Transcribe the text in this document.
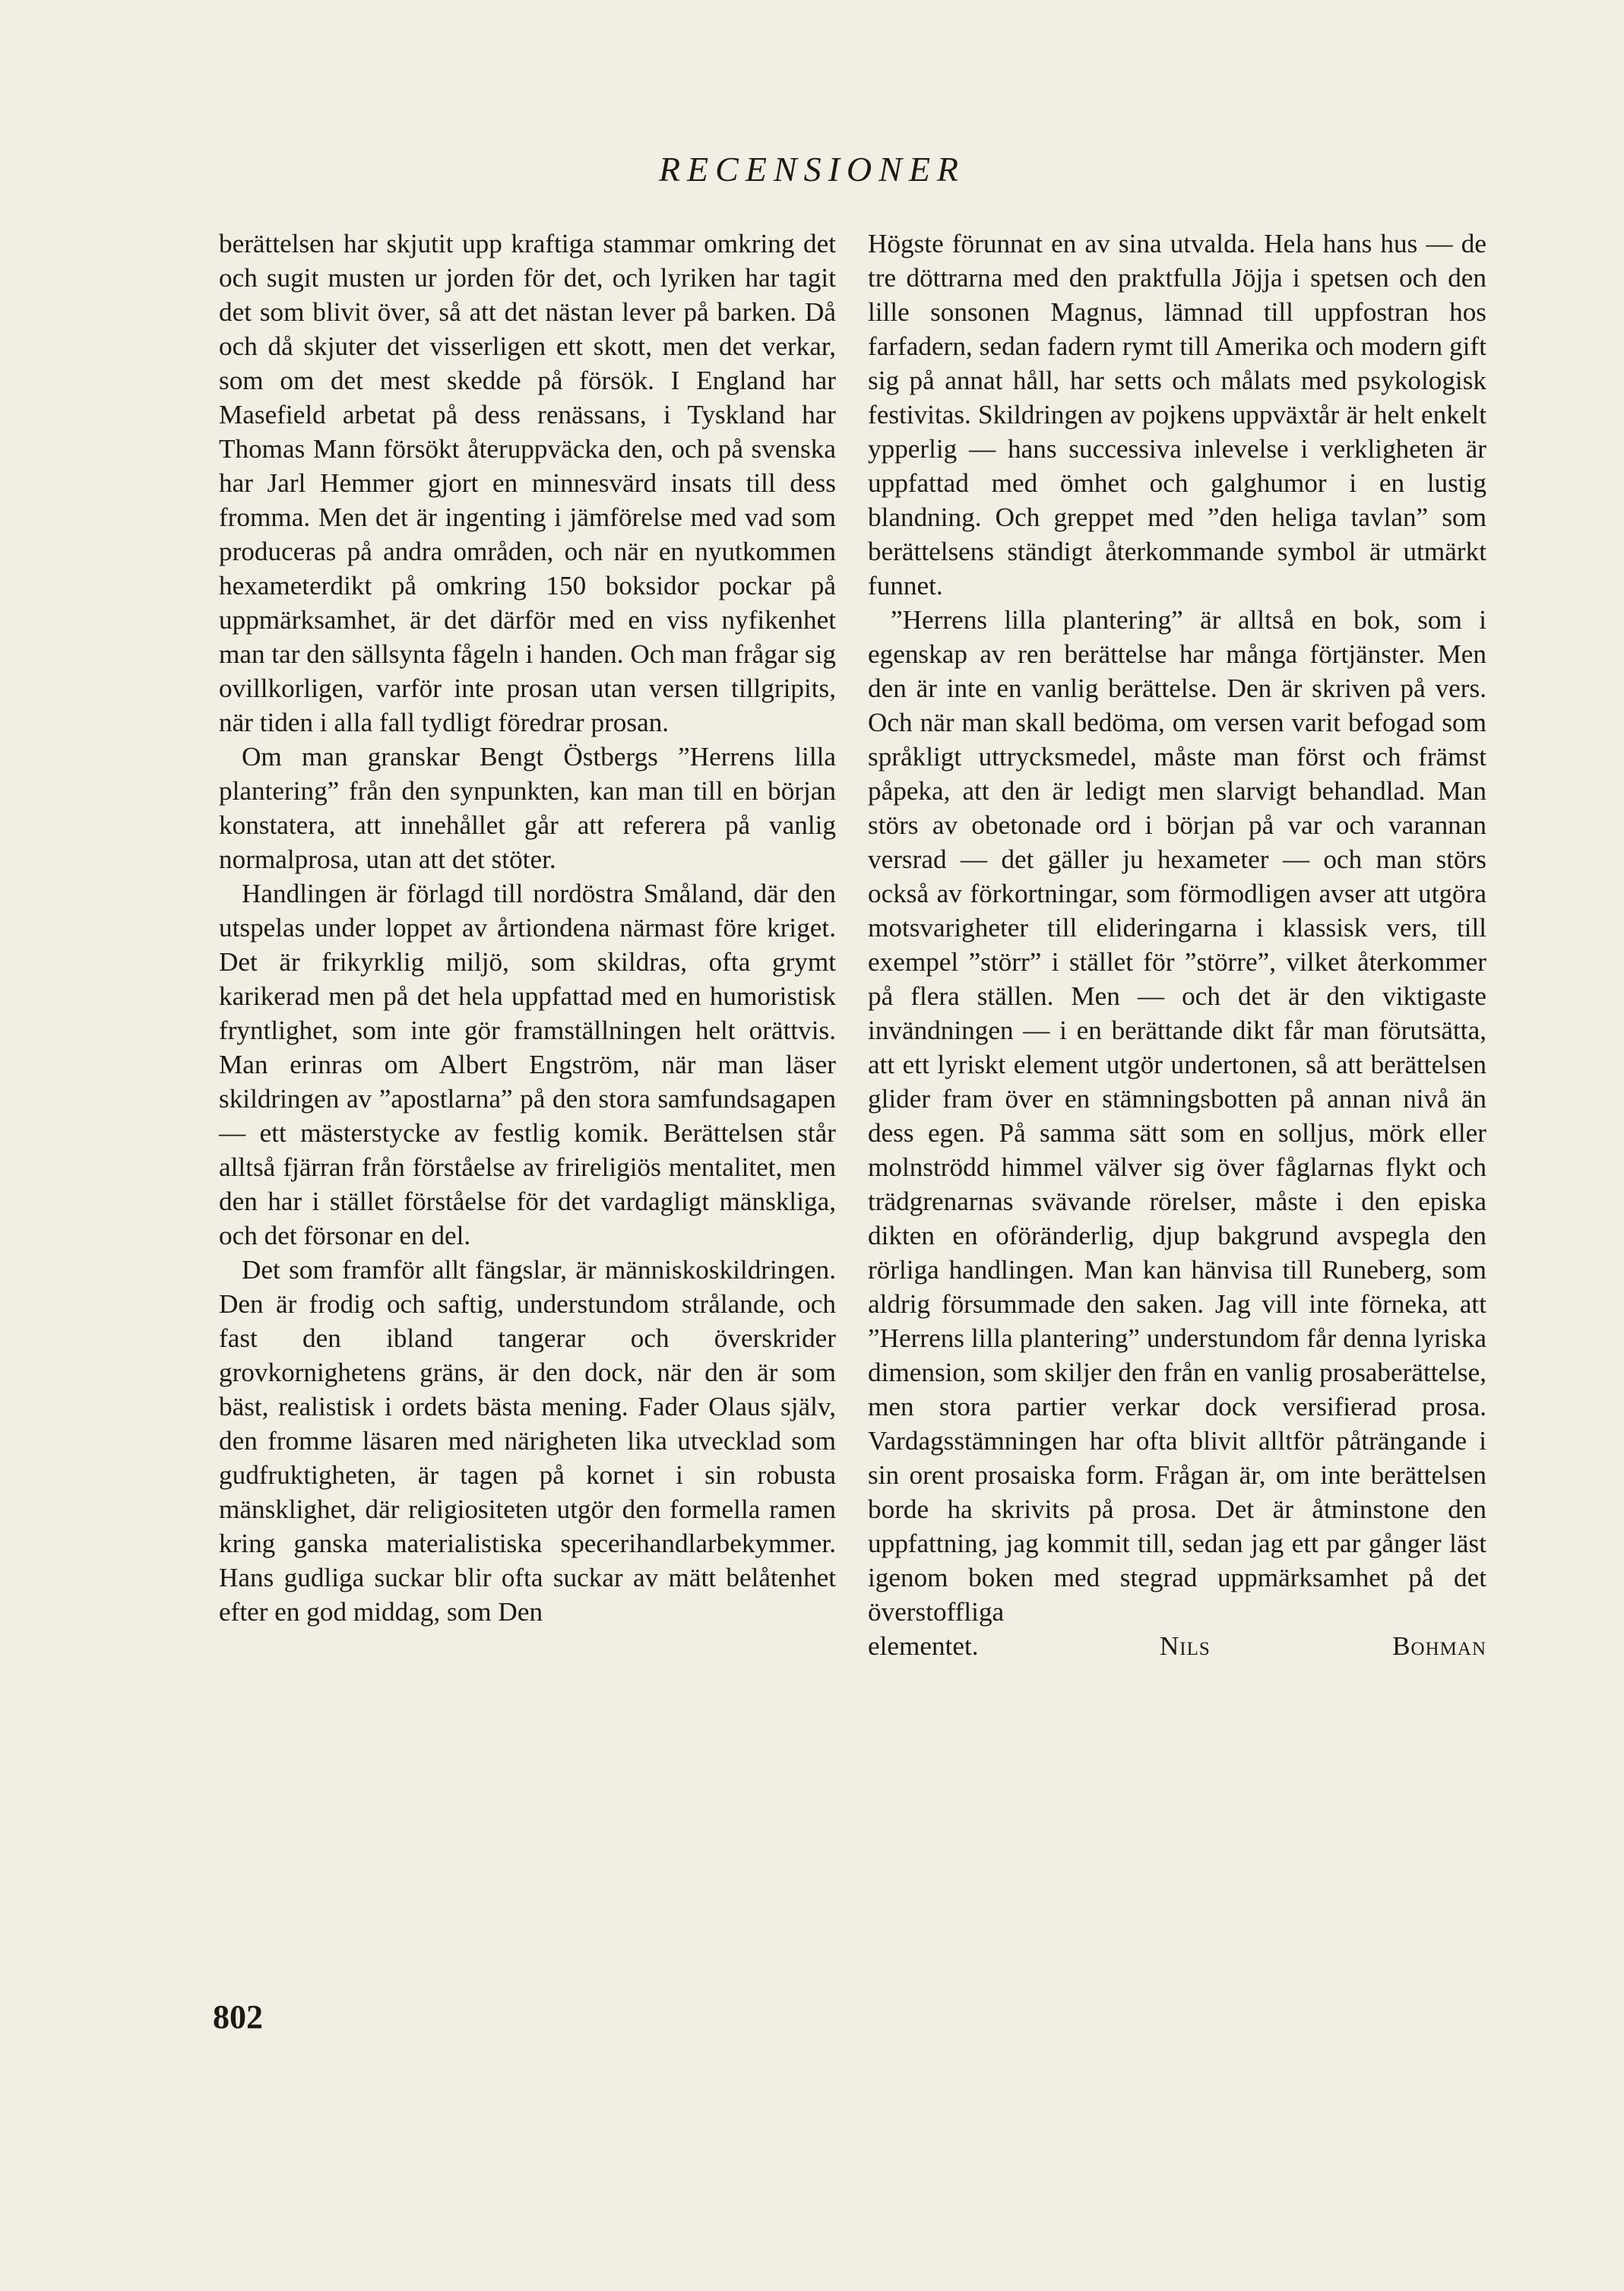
RECENSIONER

berättelsen har skjutit upp kraftiga stammar omkring det och sugit musten ur jorden för det, och lyriken har tagit det som blivit över, så att det nästan lever på barken. Då och då skjuter det visserligen ett skott, men det verkar, som om det mest skedde på försök. I England har Masefield arbetat på dess renässans, i Tyskland har Thomas Mann försökt återuppväcka den, och på svenska har Jarl Hemmer gjort en minnesvärd insats till dess fromma. Men det är ingenting i jämförelse med vad som produceras på andra områden, och när en nyutkommen hexameterdikt på omkring 150 boksidor pockar på uppmärksamhet, är det därför med en viss nyfikenhet man tar den sällsynta fågeln i handen. Och man frågar sig ovillkorligen, varför inte prosan utan versen tillgripits, när tiden i alla fall tydligt föredrar prosan.

Om man granskar Bengt Östbergs ”Herrens lilla plantering” från den synpunkten, kan man till en början konstatera, att innehållet går att referera på vanlig normalprosa, utan att det stöter.

Handlingen är förlagd till nordöstra Småland, där den utspelas under loppet av årtiondena närmast före kriget. Det är frikyrklig miljö, som skildras, ofta grymt karikerad men på det hela uppfattad med en humoristisk fryntlighet, som inte gör framställningen helt orättvis. Man erinras om Albert Engström, när man läser skildringen av ”apostlarna” på den stora samfundsagapen — ett mästerstycke av festlig komik. Berättelsen står alltså fjärran från förståelse av frireligiös mentalitet, men den har i stället förståelse för det vardagligt mänskliga, och det försonar en del.

Det som framför allt fängslar, är människoskildringen. Den är frodig och saftig, understundom strålande, och fast den ibland tangerar och överskrider grovkornighetens gräns, är den dock, när den är som bäst, realistisk i ordets bästa mening. Fader Olaus själv, den fromme läsaren med närigheten lika utvecklad som gudfruktigheten, är tagen på kornet i sin robusta mänsklighet, där religiositeten utgör den formella ramen kring ganska materialistiska specerihandlarbekymmer. Hans gudliga suckar blir ofta suckar av mätt belåtenhet efter en god middag, som Den

Högste förunnat en av sina utvalda. Hela hans hus — de tre döttrarna med den praktfulla Jöjja i spetsen och den lille sonsonen Magnus, lämnad till uppfostran hos farfadern, sedan fadern rymt till Amerika och modern gift sig på annat håll, har setts och målats med psykologisk festivitas. Skildringen av pojkens uppväxtår är helt enkelt ypperlig — hans successiva inlevelse i verkligheten är uppfattad med ömhet och galghumor i en lustig blandning. Och greppet med ”den heliga tavlan” som berättelsens ständigt återkommande symbol är utmärkt funnet.

”Herrens lilla plantering” är alltså en bok, som i egenskap av ren berättelse har många förtjänster. Men den är inte en vanlig berättelse. Den är skriven på vers. Och när man skall bedöma, om versen varit befogad som språkligt uttrycksmedel, måste man först och främst påpeka, att den är ledigt men slarvigt behandlad. Man störs av obetonade ord i början på var och varannan versrad — det gäller ju hexameter — och man störs också av förkortningar, som förmodligen avser att utgöra motsvarigheter till elideringarna i klassisk vers, till exempel ”störr” i stället för ”större”, vilket återkommer på flera ställen. Men — och det är den viktigaste invändningen — i en berättande dikt får man förutsätta, att ett lyriskt element utgör undertonen, så att berättelsen glider fram över en stämningsbotten på annan nivå än dess egen. På samma sätt som en solljus, mörk eller molnströdd himmel välver sig över fåglarnas flykt och trädgrenarnas svävande rörelser, måste i den episka dikten en oföränderlig, djup bakgrund avspegla den rörliga handlingen. Man kan hänvisa till Runeberg, som aldrig försummade den saken. Jag vill inte förneka, att ”Herrens lilla plantering” understundom får denna lyriska dimension, som skiljer den från en vanlig prosaberättelse, men stora partier verkar dock versifierad prosa. Vardagsstämningen har ofta blivit alltför påträngande i sin orent prosaiska form. Frågan är, om inte berättelsen borde ha skrivits på prosa. Det är åtminstone den uppfattning, jag kommit till, sedan jag ett par gånger läst igenom boken med stegrad uppmärksamhet på det överstoffliga

elementet.	Nils Bohman

802
